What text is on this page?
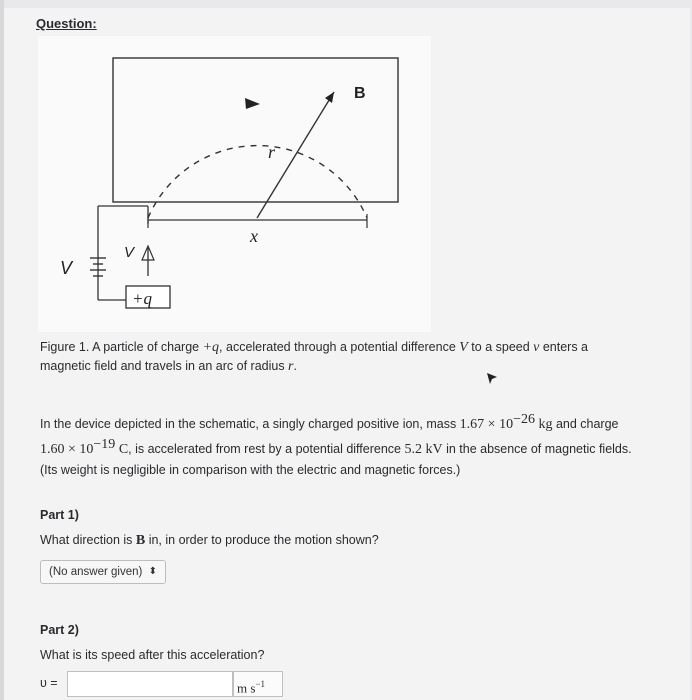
Question:
B
r
x
V
V
+q
Figure 1. A particle of charge +q, accelerated through a potential difference V to a speed v enters a
magnetic field and travels in an arc of radius r.
In the device depicted in the schematic, a singly charged positive ion, mass $1.67 \times 10^{-26}$ kg and charge
$1.60 \times 10^{-19}$ C, is accelerated from rest by a potential difference 5.2 kV in the absence of magnetic fields.
(Its weight is negligible in comparison with the electric and magnetic forces.)
Part 1)
What direction is B in, in order to produce the motion shown?
(No answer given) ⬍
Part 2)
What is its speed after this acceleration?
υ =	m $s^{-1}$
